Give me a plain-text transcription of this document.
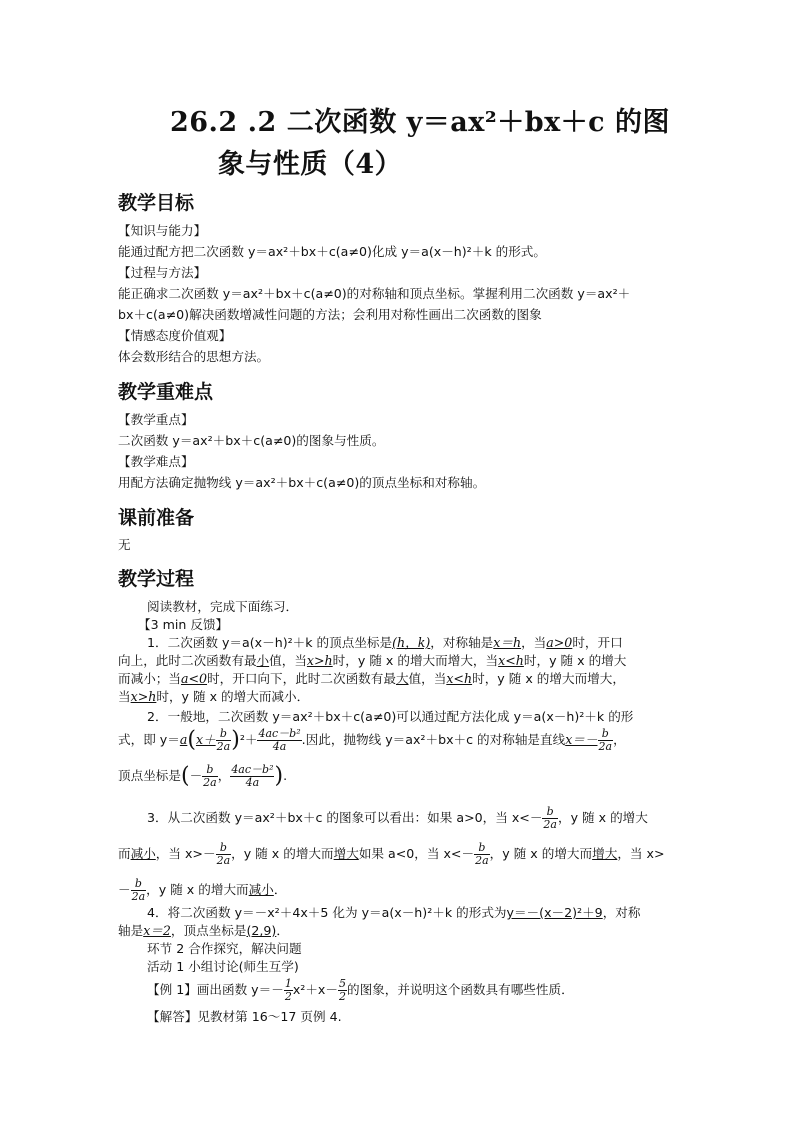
26.2 .2 二次函数 y＝ax²＋bx＋c 的图
象与性质（4）
教学目标
【知识与能力】
能通过配方把二次函数 y＝ax²＋bx＋c(a≠0)化成 y＝a(x－h)²＋k 的形式。
【过程与方法】
能正确求二次函数 y＝ax²＋bx＋c(a≠0)的对称轴和顶点坐标。掌握利用二次函数 y＝ax²＋
bx＋c(a≠0)解决函数增减性问题的方法；会利用对称性画出二次函数的图象
【情感态度价值观】
体会数形结合的思想方法。
教学重难点
【教学重点】
二次函数 y＝ax²＋bx＋c(a≠0)的图象与性质。
【教学难点】
用配方法确定抛物线 y＝ax²＋bx＋c(a≠0)的顶点坐标和对称轴。
课前准备
无
教学过程
阅读教材，完成下面练习．
【3 min 反馈】
1．二次函数 y＝a(x－h)²＋k 的顶点坐标是(h，k)，对称轴是x＝h，当a>0时，开口
向上，此时二次函数有最小值，当x>h时，y 随 x 的增大而增大，当x<h时，y 随 x 的增大
而减小；当a<0时，开口向下，此时二次函数有最大值，当x<h时，y 随 x 的增大而增大，
当x>h时，y 随 x 的增大而减小．
2．一般地，二次函数 y＝ax²＋bx＋c(a≠0)可以通过配方法化成 y＝a(x－h)²＋k 的形
式，即 $y=a(x+ \frac{b}{2a} )^2+ \frac{\text{4ac－b²}}{4a}$ .因此，抛物线 y＝ax²＋bx＋c 的对称轴是直线$x=- \frac{b}{2a}$ ，
顶点坐标是(－ $\frac{b}{2a}$ ， $\frac{\text{4ac－b²}}{4a}$ ).
3．从二次函数 y＝ax²＋bx＋c 的图象可以看出：如果 a>0，当 $x<- \frac{b}{2a}$ ，y 随 x 的增大
而减小，当 $x>- \frac{b}{2a}$ ，y 随 x 的增大而增大如果 a<0，当 $x<- \frac{b}{2a}$ ，y 随 x 的增大而增大，当 x>
－ $\frac{b}{2a}$ ，y 随 x 的增大而减小．
4．将二次函数 y＝－x²＋4x＋5 化为 y＝a(x－h)²＋k 的形式为y＝－(x－2)²＋9，对称
轴是x＝2，顶点坐标是(2,9)．
环节 2 合作探究，解决问题
活动 1 小组讨论(师生互学)
【例 1】画出函数 $y=- \frac{1}{2} x^2+x- \frac{5}{2}$ 的图象，并说明这个函数具有哪些性质．
【解答】见教材第 16～17 页例 4.
